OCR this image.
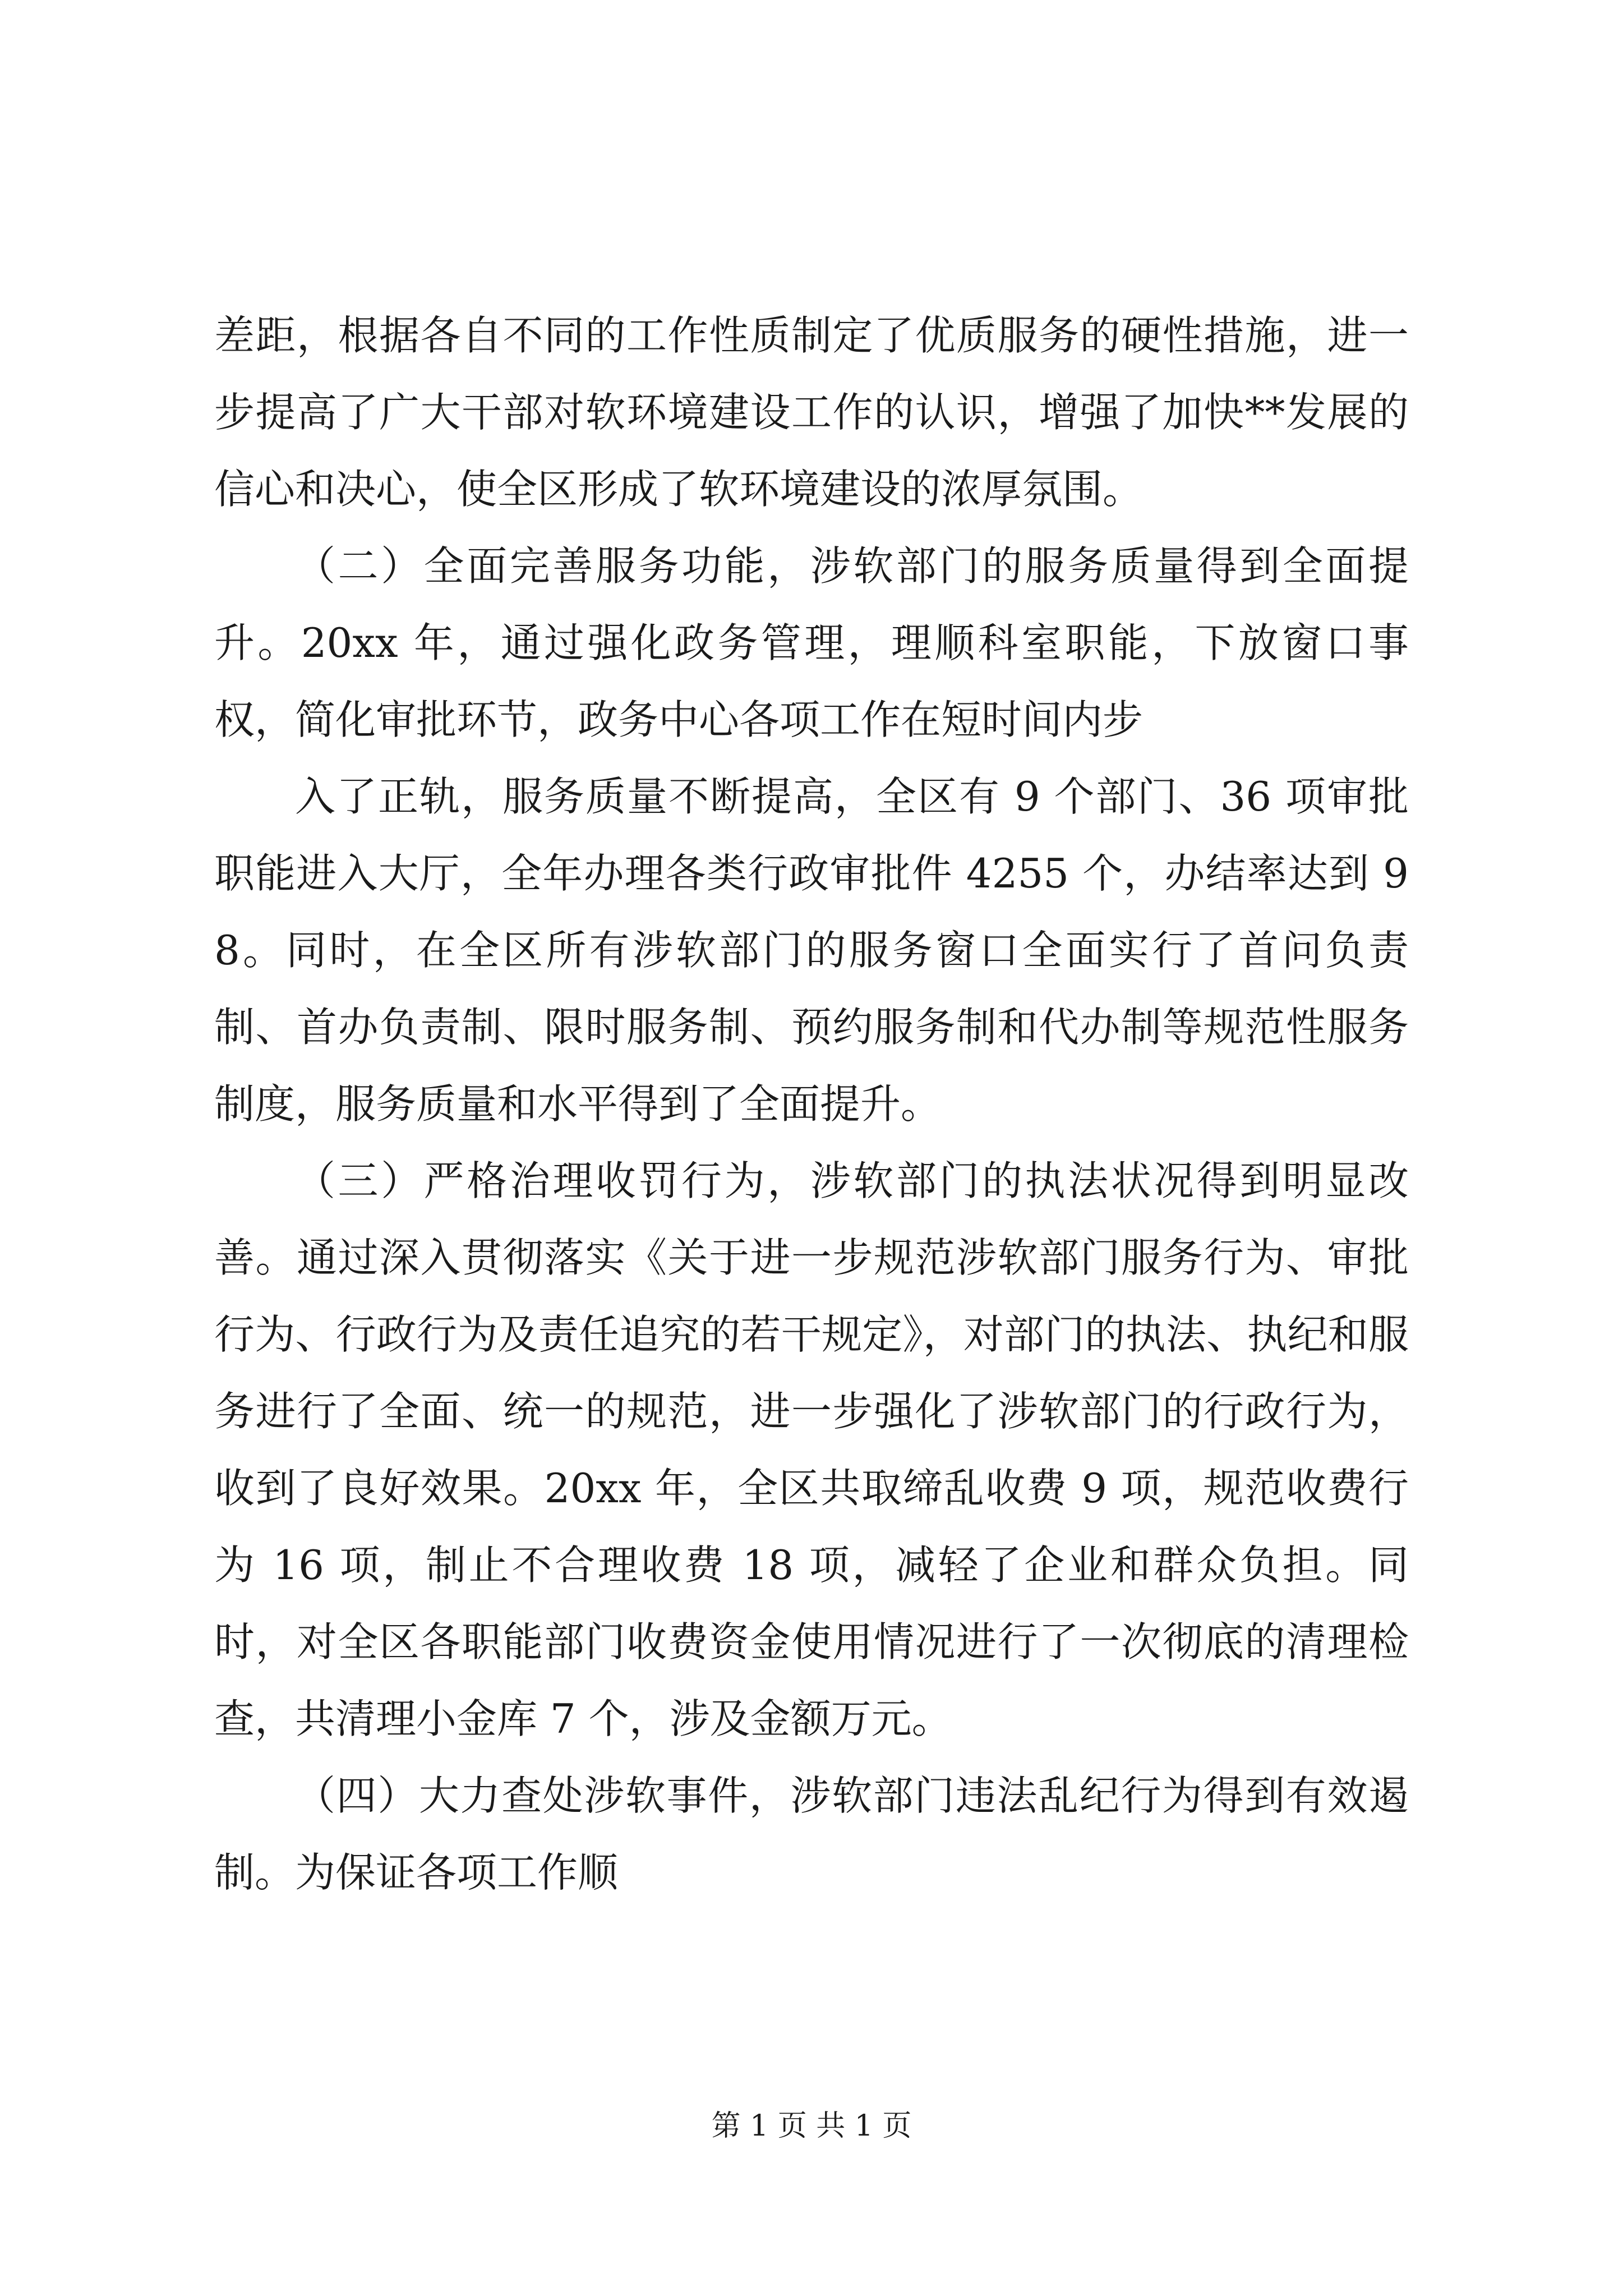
差距，根据各自不同的工作性质制定了优质服务的硬性措施，进一步提高了广大干部对软环境建设工作的认识，增强了加快**发展的信心和决心，使全区形成了软环境建设的浓厚氛围。

（二）全面完善服务功能，涉软部门的服务质量得到全面提升。20xx 年，通过强化政务管理，理顺科室职能，下放窗口事权，简化审批环节，政务中心各项工作在短时间内步

入了正轨，服务质量不断提高，全区有 9 个部门、36 项审批职能进入大厅，全年办理各类行政审批件 4255 个，办结率达到 98。同时，在全区所有涉软部门的服务窗口全面实行了首问负责制、首办负责制、限时服务制、预约服务制和代办制等规范性服务制度，服务质量和水平得到了全面提升。

（三）严格治理收罚行为，涉软部门的执法状况得到明显改善。通过深入贯彻落实《关于进一步规范涉软部门服务行为、审批行为、行政行为及责任追究的若干规定》，对部门的执法、执纪和服务进行了全面、统一的规范，进一步强化了涉软部门的行政行为，收到了良好效果。20xx 年，全区共取缔乱收费 9 项，规范收费行为 16 项，制止不合理收费 18 项，减轻了企业和群众负担。同时，对全区各职能部门收费资金使用情况进行了一次彻底的清理检查，共清理小金库 7 个，涉及金额万元。

（四）大力查处涉软事件，涉软部门违法乱纪行为得到有效遏制。为保证各项工作顺

第 1 页 共 1 页
